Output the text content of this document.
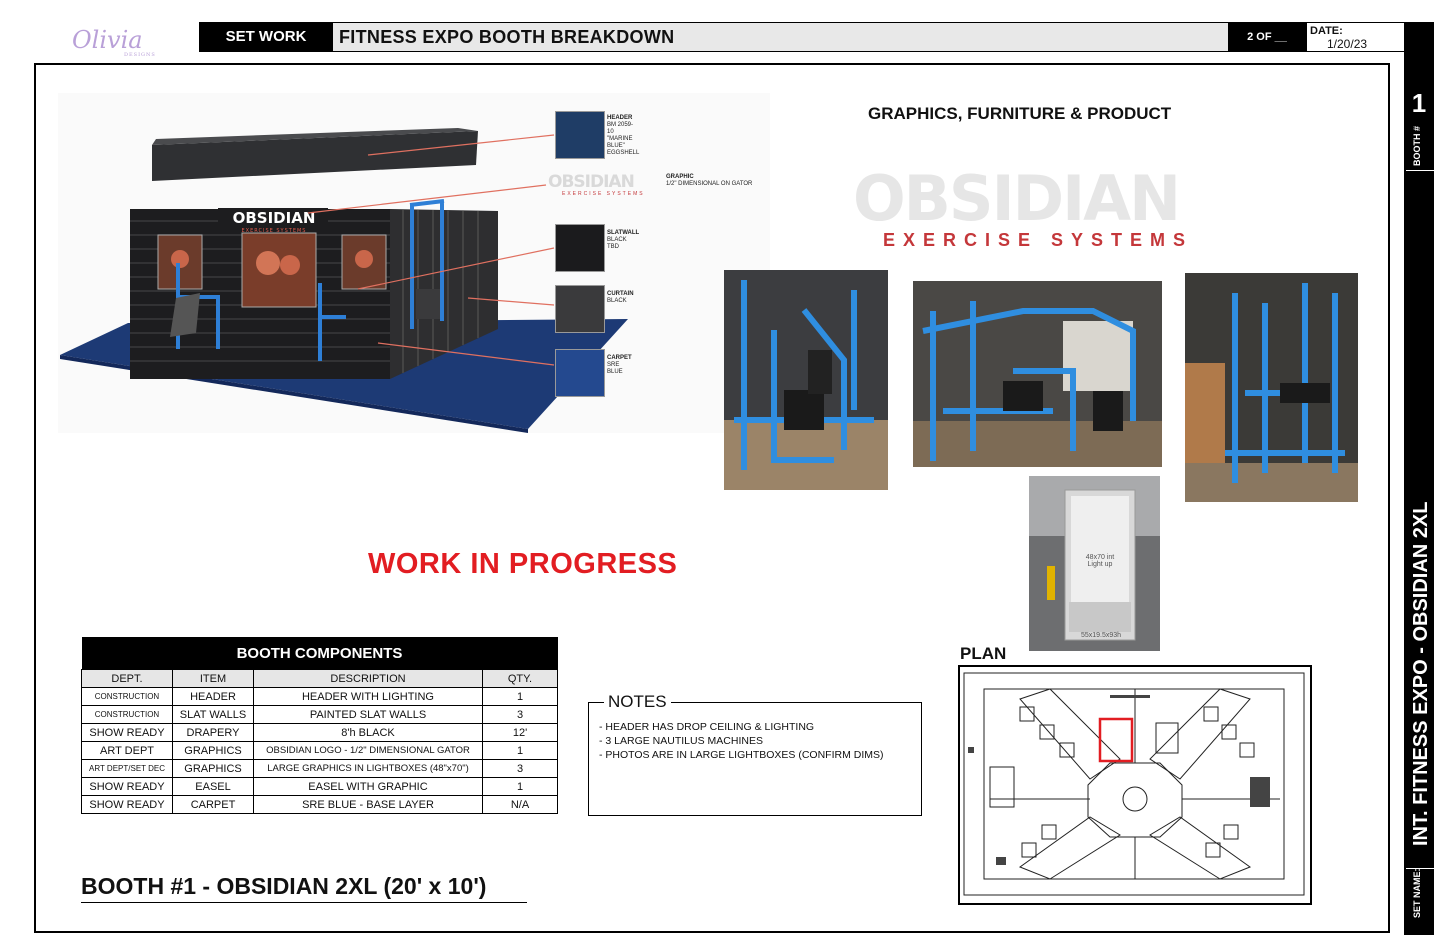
Olivia
DESIGNS
SET WORK NOTES
FITNESS EXPO BOOTH BREAKDOWN	2 OF __	DATE:
1/20/23
1
BOOTH #
INT. FITNESS EXPO - OBSIDIAN 2XL
SET NAME:
OBSIDIAN
EXERCISE SYSTEMS
HEADER
BM 2059-10
"MARINE BLUE"
EGGSHELL
OBSIDIAN
EXERCISE SYSTEMS
GRAPHIC
1/2" DIMENSIONAL ON GATOR
SLATWALL
BLACK TBD
CURTAIN
BLACK
CARPET
SRE BLUE
GRAPHICS, FURNITURE & PRODUCT
OBSIDIAN
EXERCISE SYSTEMS
48x70 int
Light up
55x19.5x93h
WORK IN PROGRESS
BOOTH COMPONENTS			
DEPT.	ITEM	DESCRIPTION	QTY.
CONSTRUCTION	HEADER	HEADER WITH LIGHTING	1
CONSTRUCTION	SLAT WALLS	PAINTED SLAT WALLS	3
SHOW READY	DRAPERY	8'h BLACK	12'
ART DEPT	GRAPHICS	OBSIDIAN LOGO - 1/2" DIMENSIONAL GATOR	1
ART DEPT/SET DEC	GRAPHICS	LARGE GRAPHICS IN LIGHTBOXES (48"x70")	3
SHOW READY	EASEL	EASEL WITH GRAPHIC	1
SHOW READY	CARPET	SRE BLUE - BASE LAYER	N/A
NOTES
- HEADER HAS DROP CEILING & LIGHTING
- 3 LARGE NAUTILUS MACHINES
- PHOTOS ARE IN LARGE LIGHTBOXES (CONFIRM DIMS)
BOOTH #1 - OBSIDIAN 2XL (20' x 10')
PLAN
